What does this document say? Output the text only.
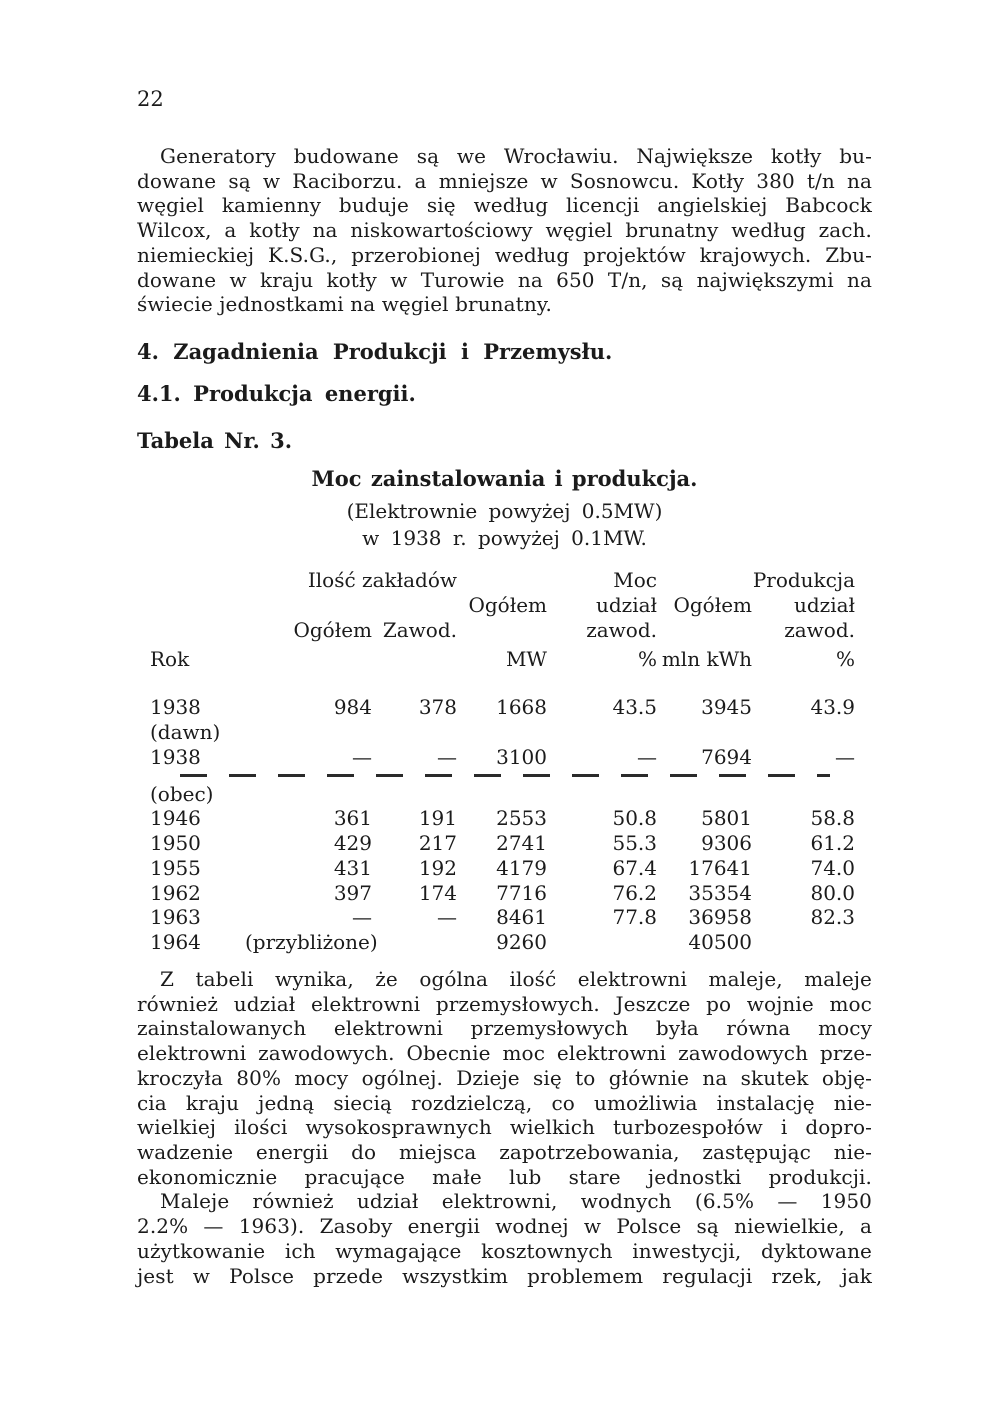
22
Generatory budowane są we Wrocławiu. Największe kotły bu-
dowane są w Raciborzu. a mniejsze w Sosnowcu. Kotły 380 t/n na
węgiel kamienny buduje się według licencji angielskiej Babcock
Wilcox, a kotły na niskowartościowy węgiel brunatny według zach.
niemieckiej K.S.G., przerobionej według projektów krajowych. Zbu-
dowane w kraju kotły w Turowie na 650 T/n, są największymi na
świecie jednostkami na węgiel brunatny.
4. Zagadnienia Produkcji i Przemysłu.
4.1. Produkcja energii.
Tabela Nr. 3.
Moc zainstalowania i produkcja.
(Elektrownie powyżej 0.5MW)
w 1938 r. powyżej 0.1MW.
	Ilość zakładów		Moc		Produkcja	
			Ogółem	udział	Ogółem	udział
	Ogółem	Zawod.		zawod.		zawod.
Rok			MW	%	mln kWh	%
1938	984	378	1668	43.5	3945	43.9
(dawn)						
1938	—	—	3100	—	7694	—

(obec)						
1946	361	191	2553	50.8	5801	58.8
1950	429	217	2741	55.3	9306	61.2
1955	431	192	4179	67.4	17641	74.0
1962	397	174	7716	76.2	35354	80.0
1963	—	—	8461	77.8	36958	82.3
1964	(przybliżone)		9260		40500	
Z tabeli wynika, że ogólna ilość elektrowni maleje, maleje
również udział elektrowni przemysłowych. Jeszcze po wojnie moc
zainstalowanych elektrowni przemysłowych była równa mocy
elektrowni zawodowych. Obecnie moc elektrowni zawodowych prze-
kroczyła 80% mocy ogólnej. Dzieje się to głównie na skutek obję-
cia kraju jedną siecią rozdzielczą, co umożliwia instalację nie-
wielkiej ilości wysokosprawnych wielkich turbozespołów i dopro-
wadzenie energii do miejsca zapotrzebowania, zastępując nie-
ekonomicznie pracujące małe lub stare jednostki produkcji.
Maleje również udział elektrowni, wodnych (6.5% — 1950
2.2% — 1963). Zasoby energii wodnej w Polsce są niewielkie, a
użytkowanie ich wymagające kosztownych inwestycji, dyktowane
jest w Polsce przede wszystkim problemem regulacji rzek, jak
